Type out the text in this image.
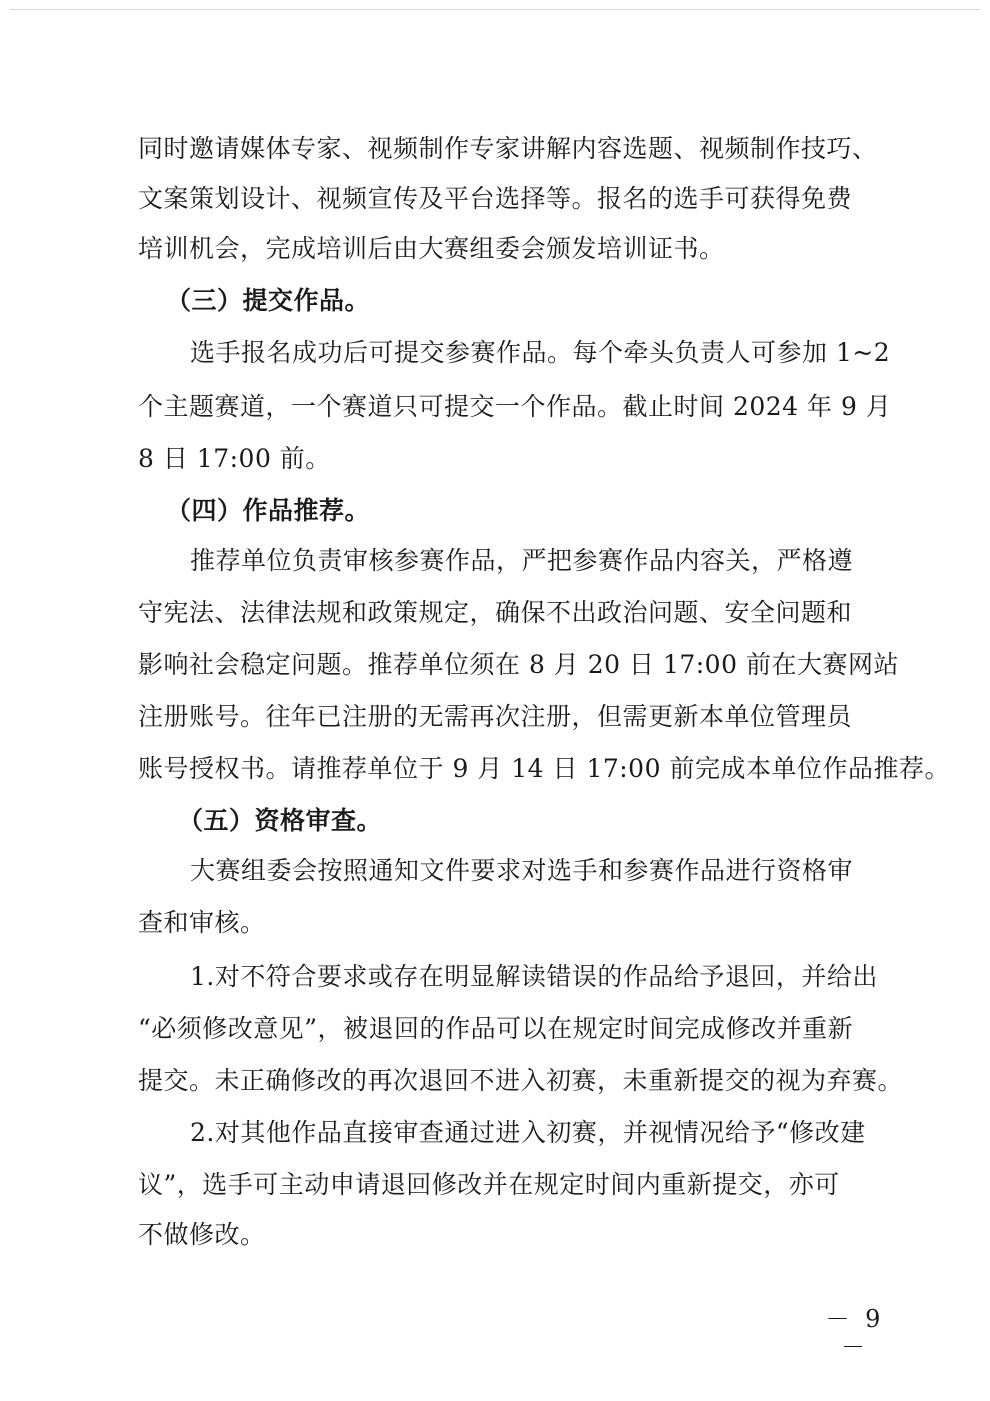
同时邀请媒体专家、视频制作专家讲解内容选题、视频制作技巧、
文案策划设计、视频宣传及平台选择等。报名的选手可获得免费
培训机会，完成培训后由大赛组委会颁发培训证书。
（三）提交作品。
选手报名成功后可提交参赛作品。每个牵头负责人可参加 1~2
个主题赛道，一个赛道只可提交一个作品。截止时间 2024 年 9 月
8 日 17:00 前。
（四）作品推荐。
推荐单位负责审核参赛作品，严把参赛作品内容关，严格遵
守宪法、法律法规和政策规定，确保不出政治问题、安全问题和
影响社会稳定问题。推荐单位须在 8 月 20 日 17:00 前在大赛网站
注册账号。往年已注册的无需再次注册，但需更新本单位管理员
账号授权书。请推荐单位于 9 月 14 日 17:00 前完成本单位作品推荐。
（五）资格审查。
大赛组委会按照通知文件要求对选手和参赛作品进行资格审
查和审核。
1.对不符合要求或存在明显解读错误的作品给予退回，并给出
“必须修改意见”，被退回的作品可以在规定时间完成修改并重新
提交。未正确修改的再次退回不进入初赛，未重新提交的视为弃赛。
2.对其他作品直接审查通过进入初赛，并视情况给予“修改建
议”，选手可主动申请退回修改并在规定时间内重新提交，亦可
不做修改。
－ 9 －
